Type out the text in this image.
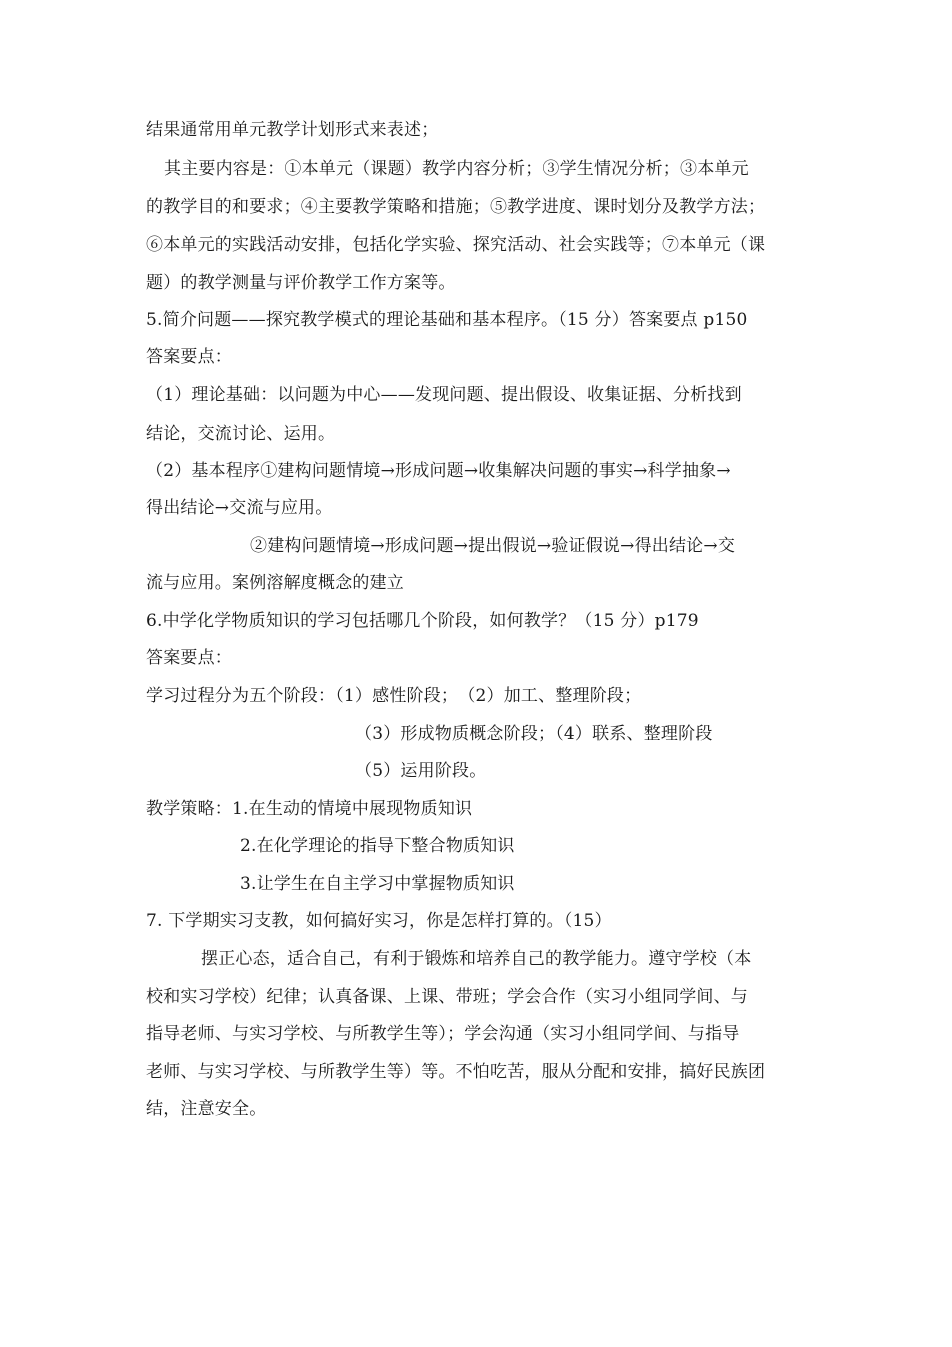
结果通常用单元教学计划形式来表述；
其主要内容是：①本单元（课题）教学内容分析；③学生情况分析；③本单元
的教学目的和要求；④主要教学策略和措施；⑤教学进度、课时划分及教学方法；
⑥本单元的实践活动安排，包括化学实验、探究活动、社会实践等；⑦本单元（课
题）的教学测量与评价教学工作方案等。
5.简介问题——探究教学模式的理论基础和基本程序。（15 分）答案要点 p150
答案要点：
（1）理论基础：以问题为中心——发现问题、提出假设、收集证据、分析找到
结论，交流讨论、运用。
（2）基本程序①建构问题情境→形成问题→收集解决问题的事实→科学抽象→
得出结论→交流与应用。
②建构问题情境→形成问题→提出假说→验证假说→得出结论→交
流与应用。案例溶解度概念的建立
6.中学化学物质知识的学习包括哪几个阶段，如何教学？（15 分）p179
答案要点：
学习过程分为五个阶段：（1）感性阶段；　（2）加工、整理阶段；
（3）形成物质概念阶段；（4）联系、整理阶段
（5）运用阶段。
教学策略：1.在生动的情境中展现物质知识
2.在化学理论的指导下整合物质知识
3.让学生在自主学习中掌握物质知识
7. 下学期实习支教，如何搞好实习，你是怎样打算的。（15）
摆正心态，适合自己，有利于锻炼和培养自己的教学能力。遵守学校（本
校和实习学校）纪律；认真备课、上课、带班；学会合作（实习小组同学间、与
指导老师、与实习学校、与所教学生等）；学会沟通（实习小组同学间、与指导
老师、与实习学校、与所教学生等）等。不怕吃苦，服从分配和安排，搞好民族团
结，注意安全。
